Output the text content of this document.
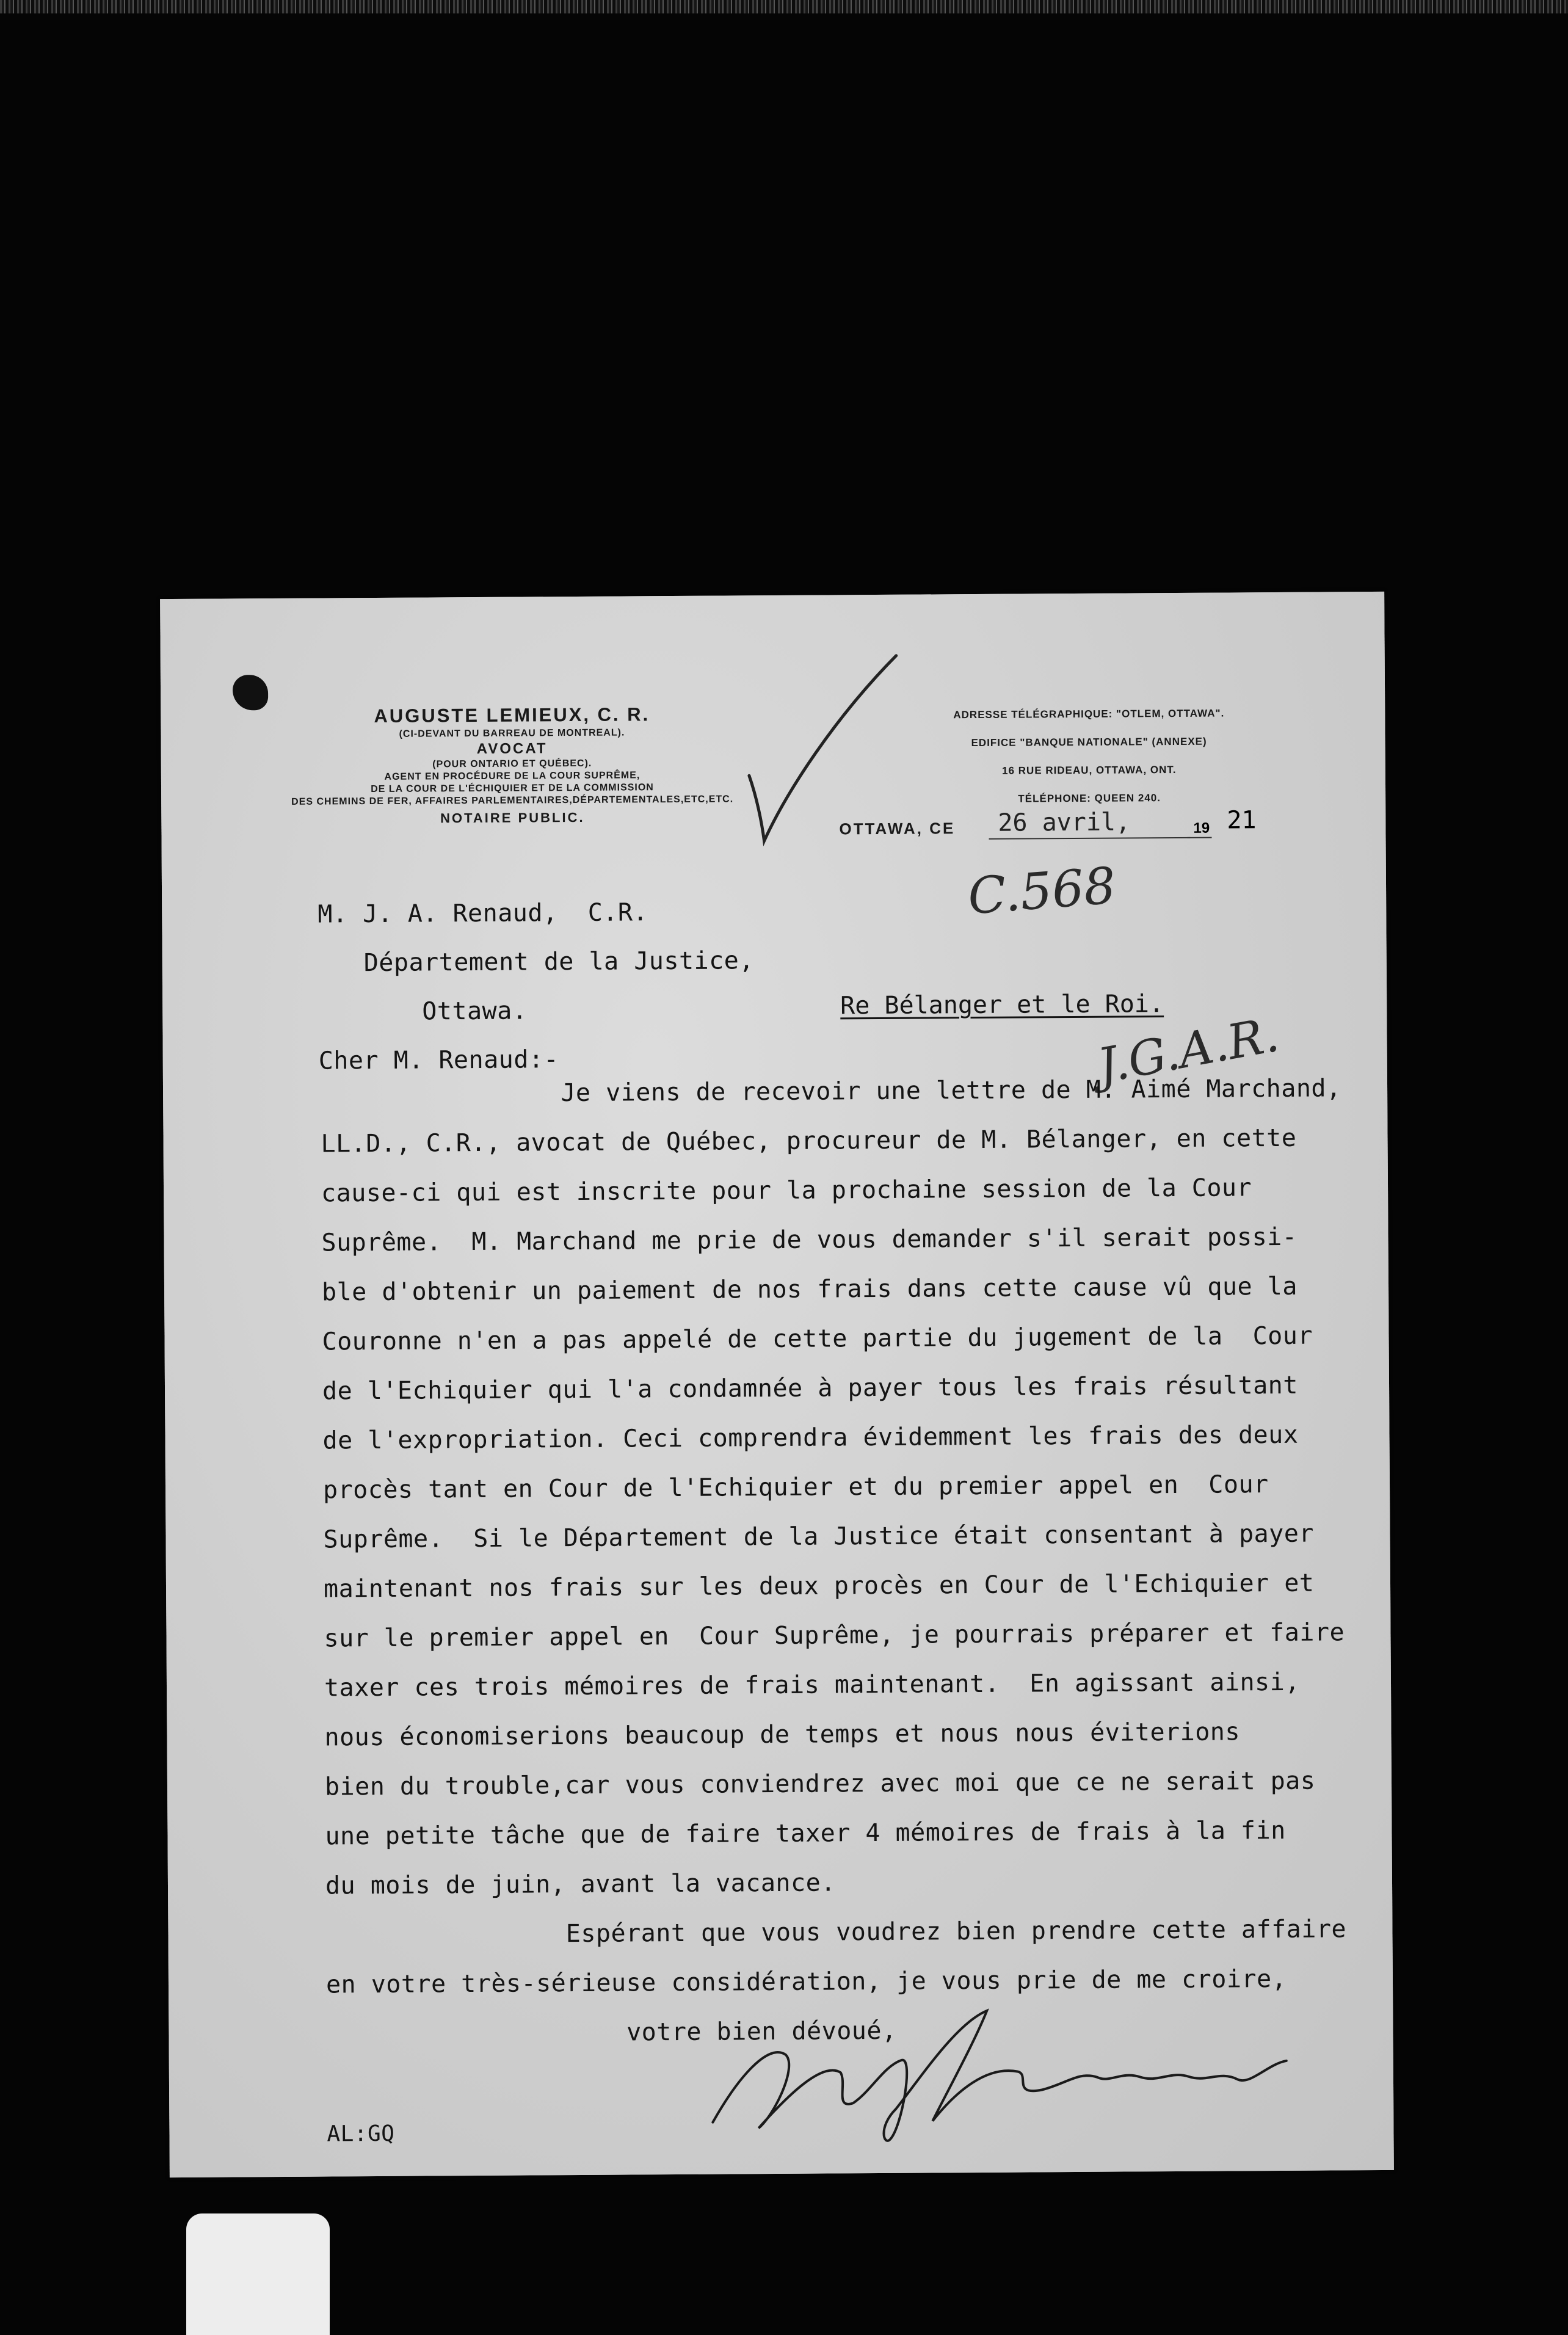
AUGUSTE LEMIEUX, C. R.
(CI-DEVANT DU BARREAU DE MONTREAL).
AVOCAT
(POUR ONTARIO ET QUÉBEC).
AGENT EN PROCÉDURE DE LA COUR SUPRÊME,
DE LA COUR DE L'ÉCHIQUIER ET DE LA COMMISSION
DES CHEMINS DE FER, AFFAIRES PARLEMENTAIRES,DÉPARTEMENTALES,ETC,ETC.
NOTAIRE PUBLIC.
ADRESSE TÉLÉGRAPHIQUE: "OTLEM, OTTAWA".
EDIFICE "BANQUE NATIONALE" (ANNEXE)
16 RUE RIDEAU, OTTAWA, ONT.
TÉLÉPHONE: QUEEN 240.
OTTAWA, CE 26 avril,	19 21
C.568
J.G.A.R.
M. J. A. Renaud,  C.R.
Département de la Justice,
Ottawa.	Re Bélanger et le Roi.
Cher M. Renaud:-
Je viens de recevoir une lettre de M. Aimé Marchand,
LL.D., C.R., avocat de Québec, procureur de M. Bélanger, en cette
cause-ci qui est inscrite pour la prochaine session de la Cour
Suprême.  M. Marchand me prie de vous demander s'il serait possi-
ble d'obtenir un paiement de nos frais dans cette cause vû que la
Couronne n'en a pas appelé de cette partie du jugement de la  Cour
de l'Echiquier qui l'a condamnée à payer tous les frais résultant
de l'expropriation. Ceci comprendra évidemment les frais des deux
procès tant en Cour de l'Echiquier et du premier appel en  Cour
Suprême.  Si le Département de la Justice était consentant à payer
maintenant nos frais sur les deux procès en Cour de l'Echiquier et
sur le premier appel en  Cour Suprême, je pourrais préparer et faire
taxer ces trois mémoires de frais maintenant.  En agissant ainsi,
nous économiserions beaucoup de temps et nous nous éviterions
bien du trouble,car vous conviendrez avec moi que ce ne serait pas
une petite tâche que de faire taxer 4 mémoires de frais à la fin
du mois de juin, avant la vacance.
Espérant que vous voudrez bien prendre cette affaire
en votre très-sérieuse considération, je vous prie de me croire,
votre bien dévoué,
AL:GQ
